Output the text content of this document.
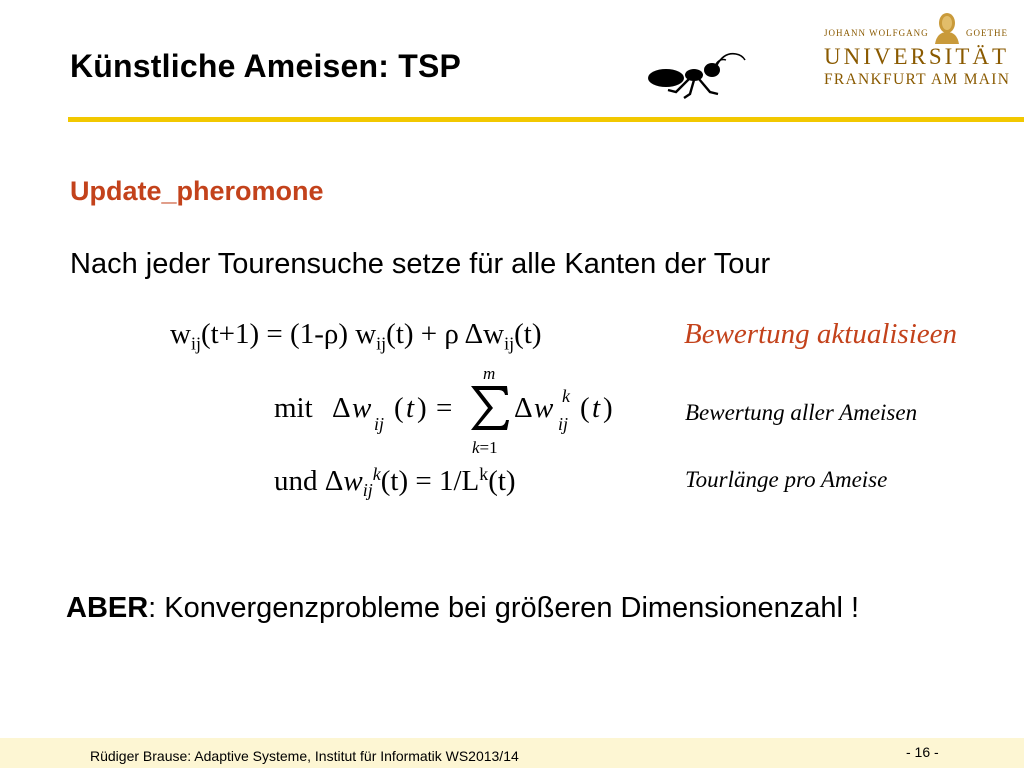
Künstliche Ameisen: TSP
JOHANN WOLFGANG	GOETHE
UNIVERSITÄT
FRANKFURT AM MAIN
Update_pheromone
Nach jeder Tourensuche setze für alle Kanten der Tour
$w_{ij}(t+1) = (1-\rho) w_{ij}(t) + \rho$ $\Delta w_{ij}(t)$	Bewertung aktualisieen
mit Δ w ij ( t ) =
m
k=1
Δ w k
ij ( t )	Bewertung aller Ameisen
und $\Delta w_{ij}^k(t) = 1/L^k(t)$	Tourlänge pro Ameise
ABER: Konvergenzprobleme bei größeren Dimensionenzahl !
Rüdiger Brause: Adaptive Systeme, Institut für Informatik WS2013/14	- 16 -
